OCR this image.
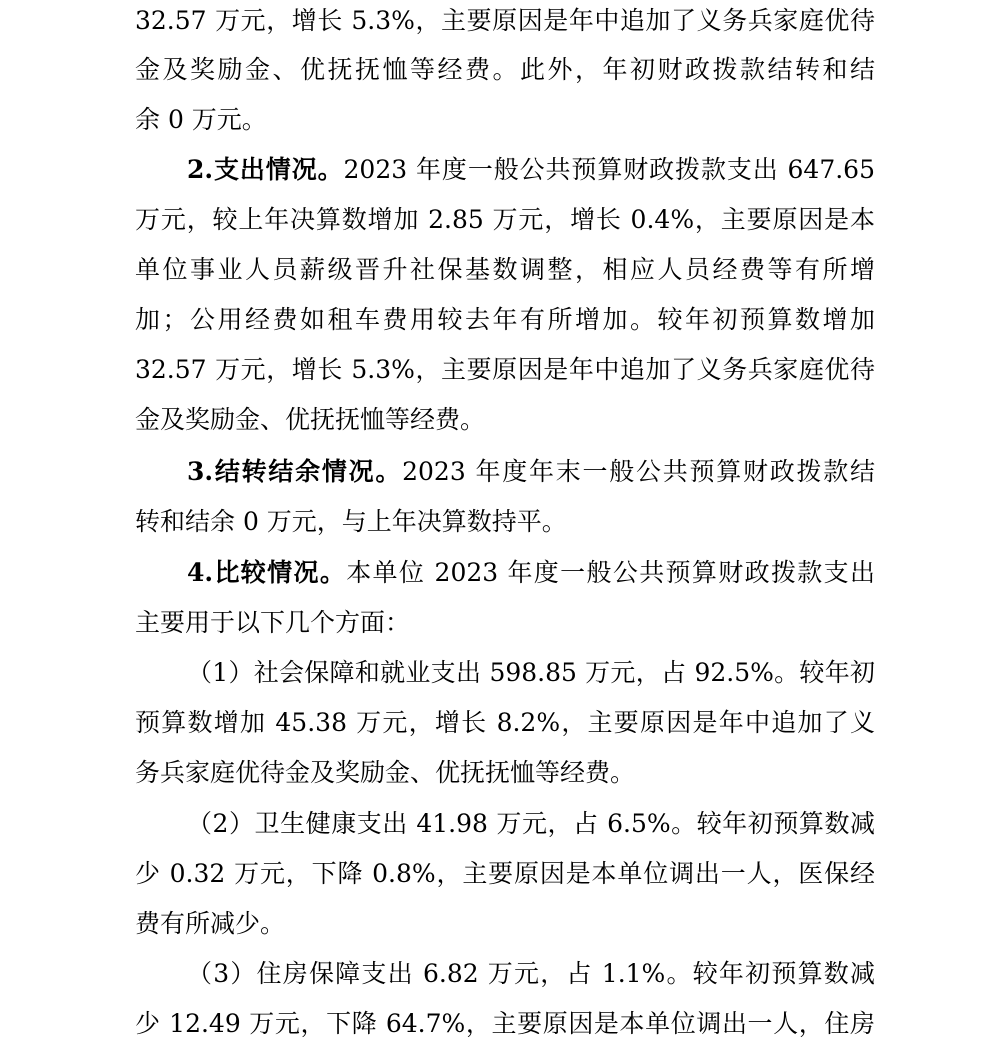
32.57 万元，增长 5.3%，主要原因是年中追加了义务兵家庭优待
金及奖励金、优抚抚恤等经费。此外，年初财政拨款结转和结
余 0 万元。
2.支出情况。2023 年度一般公共预算财政拨款支出 647.65
万元，较上年决算数增加 2.85 万元，增长 0.4%，主要原因是本
单位事业人员薪级晋升社保基数调整，相应人员经费等有所增
加；公用经费如租车费用较去年有所增加。较年初预算数增加
32.57 万元，增长 5.3%，主要原因是年中追加了义务兵家庭优待
金及奖励金、优抚抚恤等经费。
3.结转结余情况。2023 年度年末一般公共预算财政拨款结
转和结余 0 万元，与上年决算数持平。
4.比较情况。本单位 2023 年度一般公共预算财政拨款支出
主要用于以下几个方面：
（1）社会保障和就业支出 598.85 万元，占 92.5%。较年初
预算数增加 45.38 万元，增长 8.2%，主要原因是年中追加了义
务兵家庭优待金及奖励金、优抚抚恤等经费。
（2）卫生健康支出 41.98 万元，占 6.5%。较年初预算数减
少 0.32 万元，下降 0.8%，主要原因是本单位调出一人，医保经
费有所减少。
（3）住房保障支出 6.82 万元，占 1.1%。较年初预算数减
少 12.49 万元，下降 64.7%，主要原因是本单位调出一人，住房
